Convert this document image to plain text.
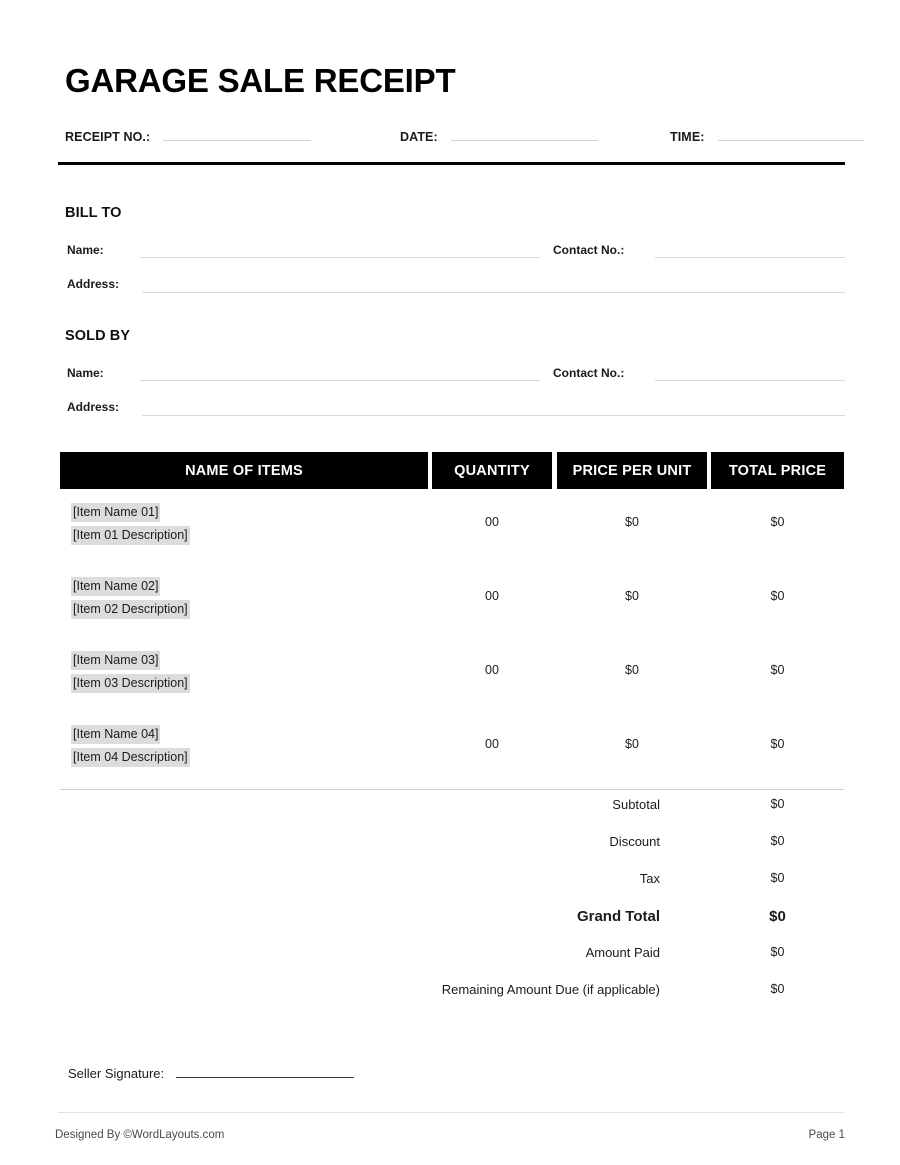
GARAGE SALE RECEIPT
RECEIPT NO.:	DATE:	TIME:
BILL TO
Name:	Contact No.:
Address:
SOLD BY
Name:	Contact No.:
Address:
NAME OF ITEMS	QUANTITY	PRICE PER UNIT	TOTAL PRICE
[Item Name 01]
[Item 01 Description]
00	$0	$0
[Item Name 02]
[Item 02 Description]
00	$0	$0
[Item Name 03]
[Item 03 Description]
00	$0	$0
[Item Name 04]
[Item 04 Description]
00	$0	$0
Subtotal	$0
Discount	$0
Tax	$0
Grand Total	$0
Amount Paid	$0
Remaining Amount Due (if applicable)	$0
Seller Signature:
Designed By ©WordLayouts.com	Page 1
